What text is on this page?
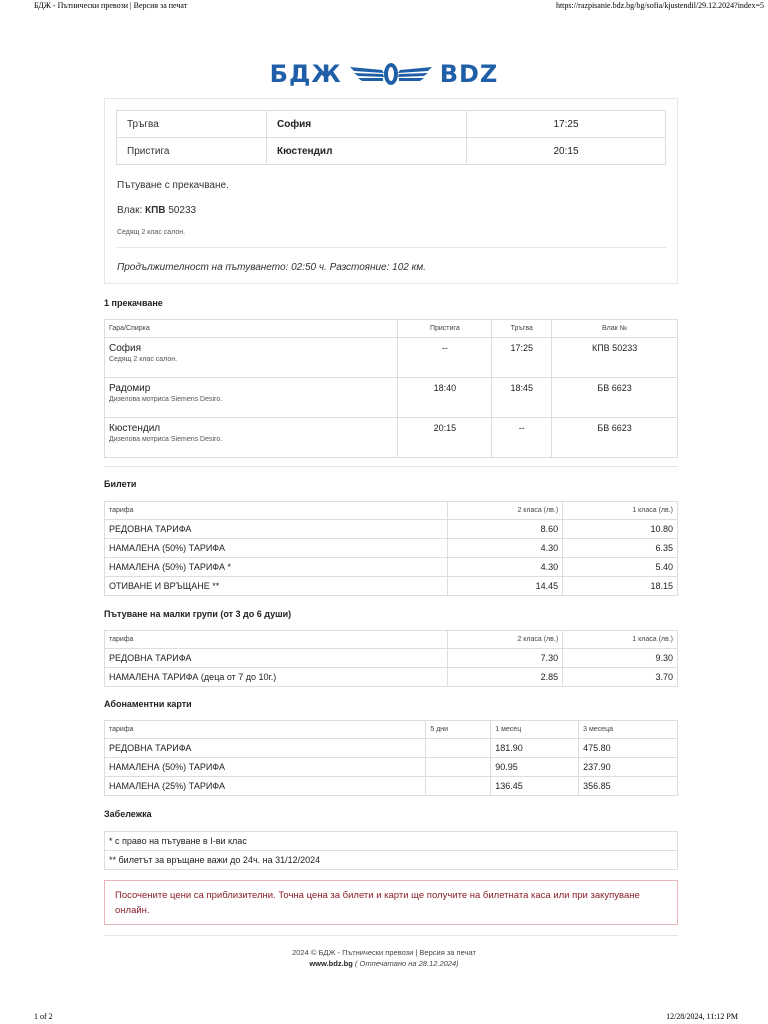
БДЖ - Пътнически превози | Версия за печат	https://razpisanie.bdz.bg/bg/sofia/kjustendil/29.12.2024?index=5
БДЖ	BDZ
Тръгва	София	17:25
Пристига	Кюстендил	20:15
Пътуване с прекачване.
Влак: КПВ 50233
Седящ 2 клас салон.
Продължителност на пътуването: 02:50 ч. Разстояние: 102 км.
1 прекачване
Гара/Спирка	Пристига	Тръгва	Влак №

София
Седящ 2 клас салон.	--	17:25	КПВ 50233

Радомир
Дизелова мотриса Siemens Desiro.	18:40	18:45	БВ 6623

Кюстендил
Дизелова мотриса Siemens Desiro.	20:15	--	БВ 6623
Билети
тарифа	2 класа (лв.)	1 класа (лв.)
РЕДОВНА ТАРИФА	8.60	10.80
НАМАЛЕНА (50%) ТАРИФА	4.30	6.35
НАМАЛЕНА (50%) ТАРИФА *	4.30	5.40
ОТИВАНЕ И ВРЪЩАНЕ **	14.45	18.15
Пътуване на малки групи (от 3 до 6 души)
тарифа	2 класа (лв.)	1 класа (лв.)
РЕДОВНА ТАРИФА	7.30	9.30
НАМАЛЕНА ТАРИФА (деца от 7 до 10г.)	2.85	3.70
Абонаментни карти
тарифа	5 дни	1 месец	3 месеца
РЕДОВНА ТАРИФА		181.90	475.80
НАМАЛЕНА (50%) ТАРИФА		90.95	237.90
НАМАЛЕНА (25%) ТАРИФА		136.45	356.85
Забележка
* с право на пътуване в I-ви клас
** билетът за връщане важи до 24ч. на 31/12/2024
Посочените цени са приблизителни. Точна цена за билети и карти ще получите на билетната каса или при закупуване онлайн.
2024 © БДЖ - Пътнически превози | Версия за печат
www.bdz.bg ( Отпечатано на 28.12.2024)
1 of 2	12/28/2024, 11:12 PM
